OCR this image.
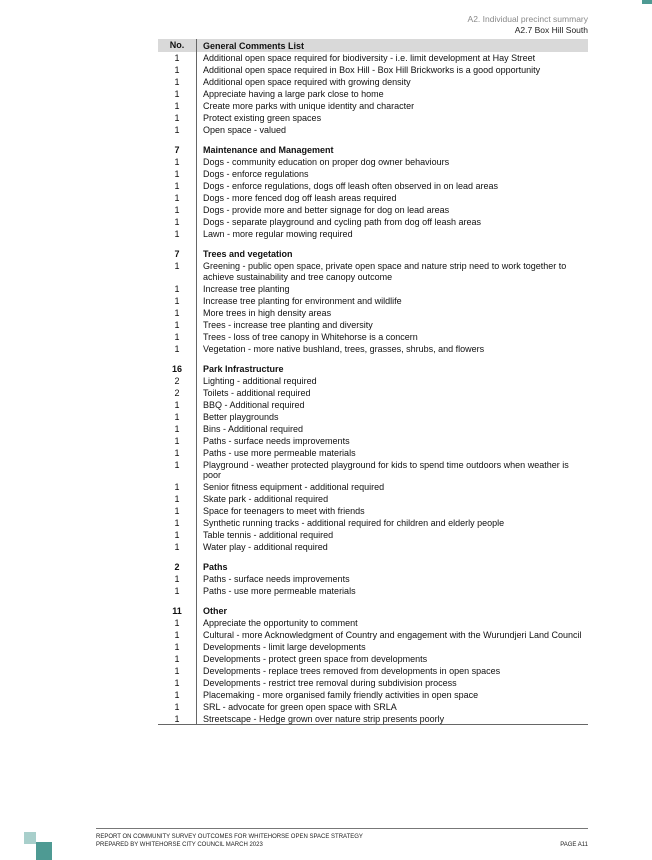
A2. Individual precinct summary
A2.7 Box Hill South
No.	General Comments List
1	Additional open space required for biodiversity - i.e. limit development at Hay Street
1	Additional open space required in Box Hill - Box Hill Brickworks is a good opportunity
1	Additional open space required with growing density
1	Appreciate having a large park close to home
1	Create more parks with unique identity and character
1	Protect existing green spaces
1	Open space - valued
7	Maintenance and Management
1	Dogs - community education on proper dog owner behaviours
1	Dogs - enforce regulations
1	Dogs - enforce regulations, dogs off leash often observed in on lead areas
1	Dogs - more fenced dog off leash areas required
1	Dogs - provide more and better signage for dog on lead areas
1	Dogs - separate playground and cycling path from dog off leash areas
1	Lawn - more regular mowing required
7	Trees and vegetation
1	Greening - public open space, private open space and nature strip need to work together to achieve sustainability and tree canopy outcome
1	Increase tree planting
1	Increase tree planting for environment and wildlife
1	More trees in high density areas
1	Trees - increase tree planting and diversity
1	Trees - loss of tree canopy in Whitehorse is a concern
1	Vegetation - more native bushland, trees, grasses, shrubs, and flowers
16	Park Infrastructure
2	Lighting - additional required
2	Toilets - additional required
1	BBQ - Additional required
1	Better playgrounds
1	Bins - Additional required
1	Paths - surface needs improvements
1	Paths - use more permeable materials
1	Playground - weather protected playground for kids to spend time outdoors when weather is poor
1	Senior fitness equipment - additional required
1	Skate park - additional required
1	Space for teenagers to meet with friends
1	Synthetic running tracks - additional required for children and elderly people
1	Table tennis - additional required
1	Water play - additional required
2	Paths
1	Paths - surface needs improvements
1	Paths - use more permeable materials
11	Other
1	Appreciate the opportunity to comment
1	Cultural - more Acknowledgment of Country and engagement with the Wurundjeri Land Council
1	Developments - limit large developments
1	Developments - protect green space from developments
1	Developments - replace trees removed from developments in open spaces
1	Developments - restrict tree removal during subdivision process
1	Placemaking - more organised family friendly activities in open space
1	SRL - advocate for green open space with SRLA
1	Streetscape - Hedge grown over nature strip presents poorly
REPORT ON COMMUNITY SURVEY OUTCOMES FOR WHITEHORSE OPEN SPACE STRATEGY
PREPARED BY WHITEHORSE CITY COUNCIL MARCH 2023	PAGE A11
